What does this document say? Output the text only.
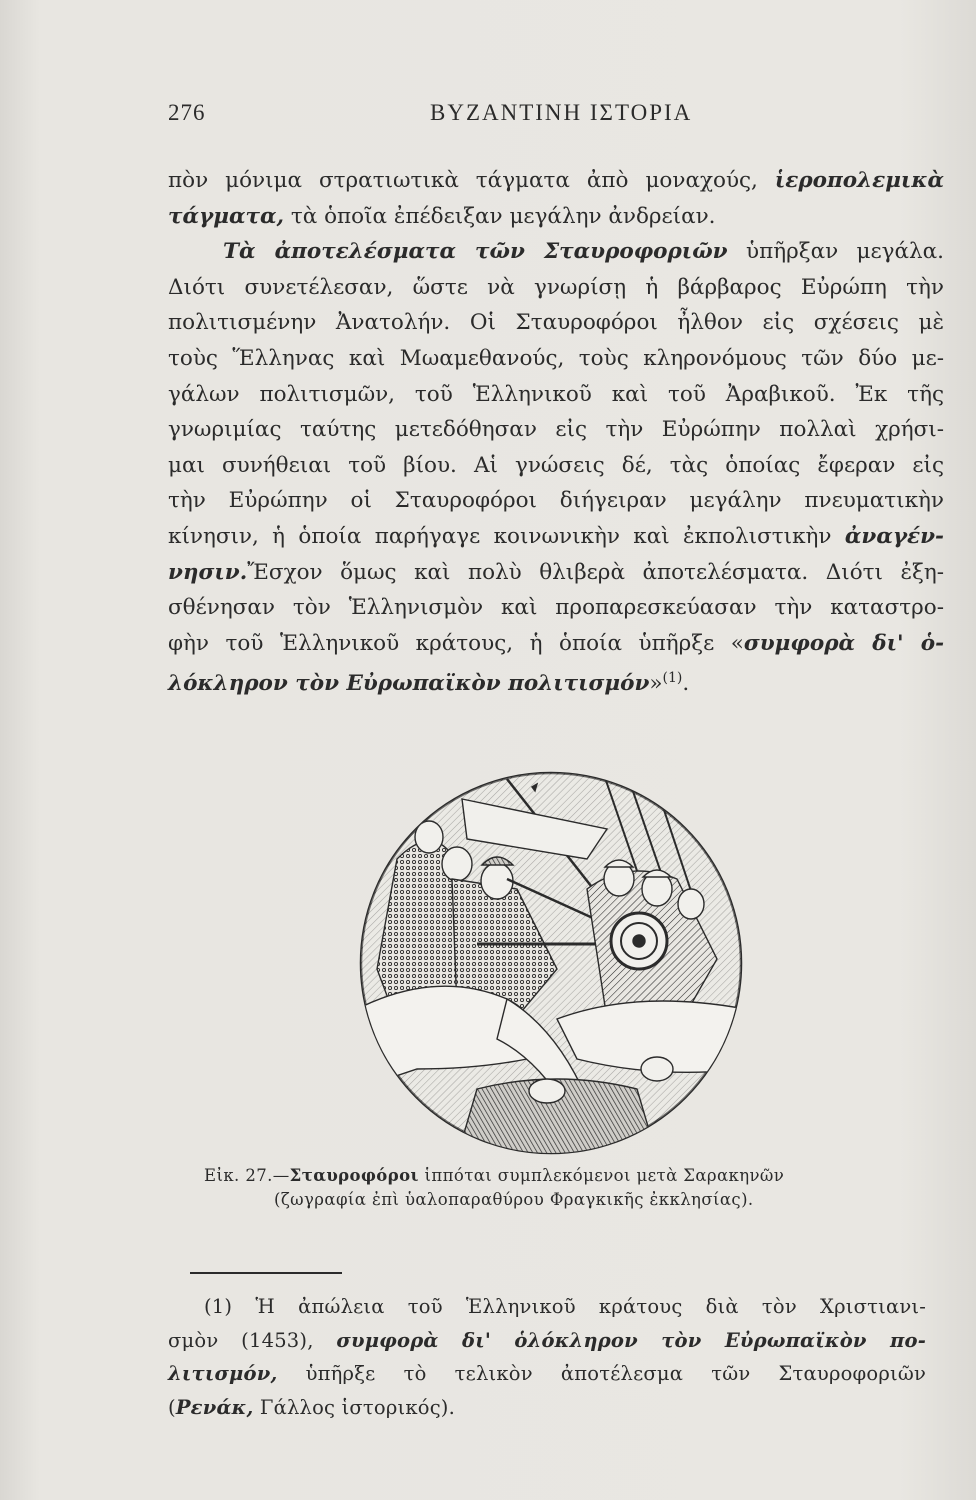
276	ΒΥΖΑΝΤΙΝΗ ΙΣΤΟΡΙΑ
πὸν μόνιμα στρατιωτικὰ τάγματα ἀπὸ μοναχούς, ἱεροπολεμικὰ
τάγματα, τὰ ὁποῖα ἐπέδειξαν μεγάλην ἀνδρείαν.
Τὰ ἀποτελέσματα τῶν Σταυροφοριῶν ὑπῆρξαν μεγάλα.
Διότι συνετέλεσαν, ὥστε νὰ γνωρίσῃ ἡ βάρβαρος Εὐρώπη τὴν
πολιτισμένην Ἀνατολήν. Οἱ Σταυροφόροι ἦλθον εἰς σχέσεις μὲ
τοὺς Ἕλληνας καὶ Μωαμεθανούς, τοὺς κληρονόμους τῶν δύο με-
γάλων πολιτισμῶν, τοῦ Ἑλληνικοῦ καὶ τοῦ Ἀραβικοῦ. Ἐκ τῆς
γνωριμίας ταύτης μετεδόθησαν εἰς τὴν Εὐρώπην πολλαὶ χρήσι-
μαι συνήθειαι τοῦ βίου. Αἱ γνώσεις δέ, τὰς ὁποίας ἔφεραν εἰς
τὴν Εὐρώπην οἱ Σταυροφόροι διήγειραν μεγάλην πνευματικὴν
κίνησιν, ἡ ὁποία παρήγαγε κοινωνικὴν καὶ ἐκπολιστικὴν ἀναγέν-
νησιν.Ἔσχον ὅμως καὶ πολὺ θλιβερὰ ἀποτελέσματα. Διότι ἐξη-
σθένησαν τὸν Ἑλληνισμὸν καὶ προπαρεσκεύασαν τὴν καταστρο-
φὴν τοῦ Ἑλληνικοῦ κράτους, ἡ ὁποία ὑπῆρξε «συμφορὰ δι' ὁ-
λόκληρον τὸν Εὐρωπαϊκὸν πολιτισμόν»$^{(1)}$.
Εἰκ. 27.—Σταυροφόροι ἱππόται συμπλεκόμενοι μετὰ Σαρακηνῶν
(ζωγραφία ἐπὶ ὑαλοπαραθύρου Φραγκικῆς ἐκκλησίας).
(1) Ἡ ἀπώλεια τοῦ Ἑλληνικοῦ κράτους διὰ τὸν Χριστιανι-
σμὸν (1453), συμφορὰ δι' ὁλόκληρον τὸν Εὐρωπαϊκὸν πο-
λιτισμόν, ὑπῆρξε τὸ τελικὸν ἀποτέλεσμα τῶν Σταυροφοριῶν
(Ρενάκ, Γάλλος ἱστορικός).
